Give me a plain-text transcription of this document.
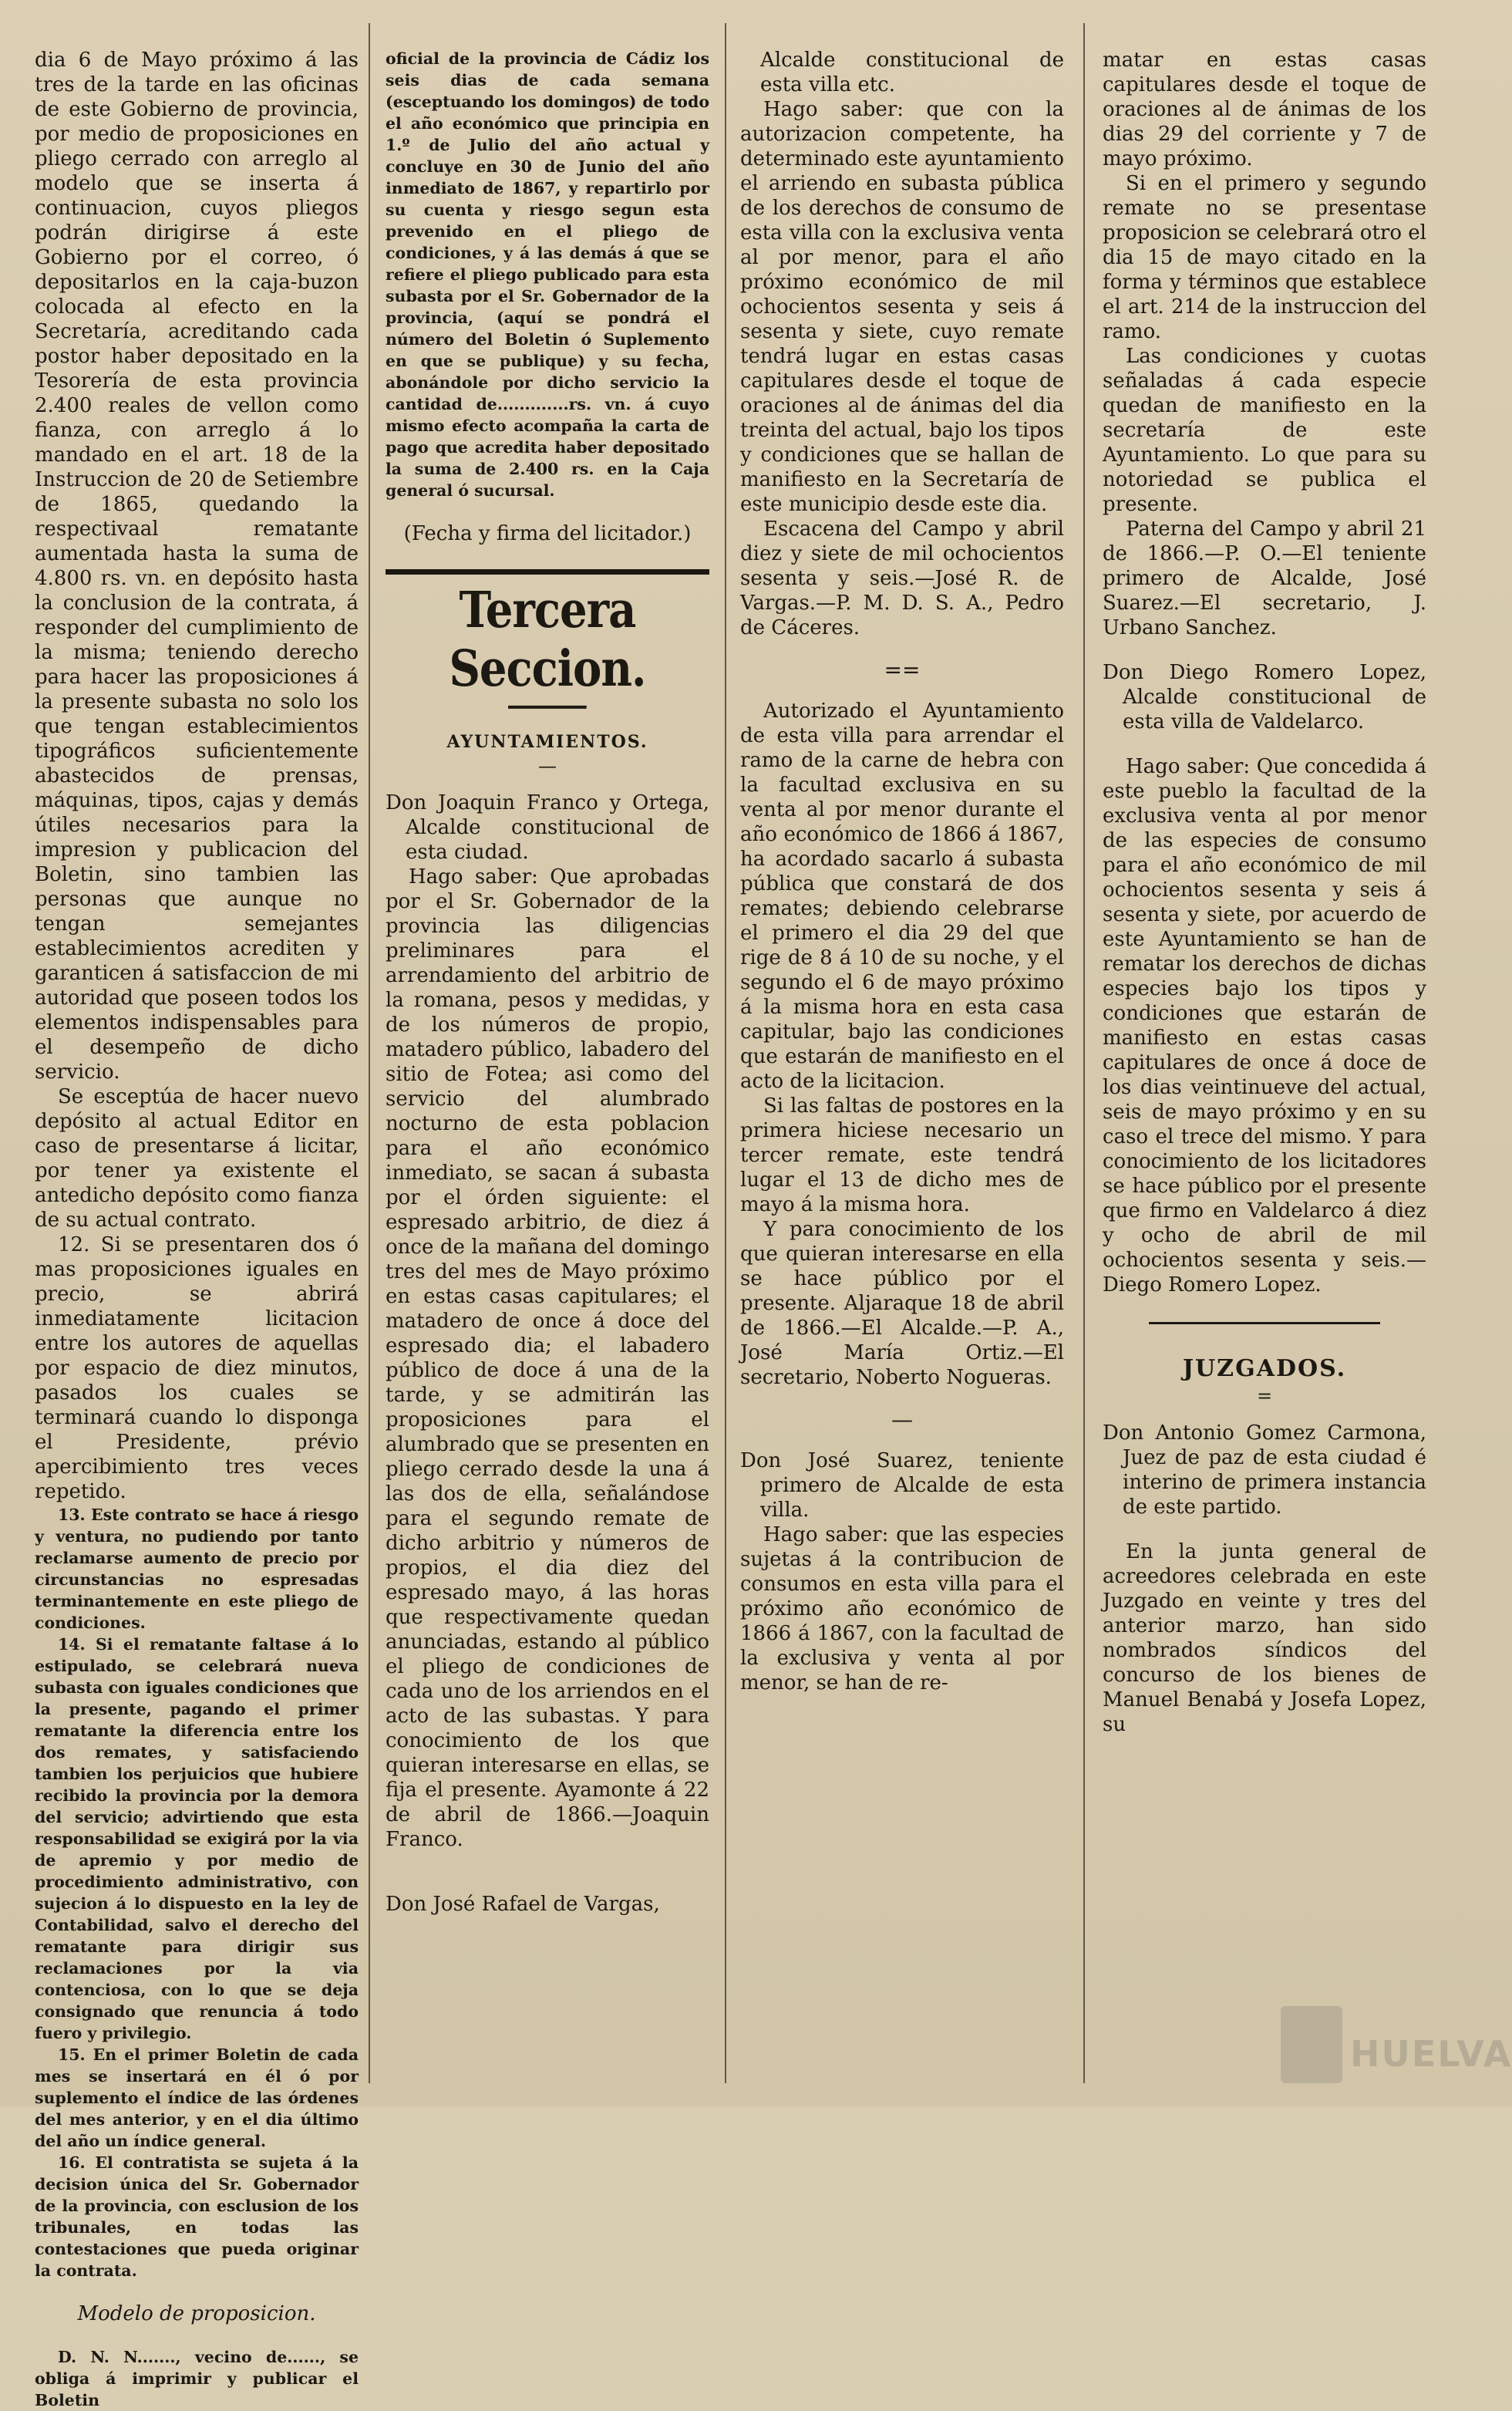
dia 6 de Mayo próximo á las tres de la tarde en las oficinas de este Gobierno de provincia, por medio de proposiciones en pliego cerrado con arreglo al modelo que se inserta á continuacion, cuyos pliegos podrán dirigirse á este Gobierno por el correo, ó depositarlos en la caja-buzon colocada al efecto en la Secretaría, acreditando cada postor haber depositado en la Tesorería de esta provincia 2.400 reales de vellon como fianza, con arreglo á lo mandado en el art. 18 de la Instruccion de 20 de Setiembre de 1865, quedando la respectivaal rematante aumentada hasta la suma de 4.800 rs. vn. en depósito hasta la conclusion de la contrata, á responder del cumplimiento de la misma; teniendo derecho para hacer las proposiciones á la presente subasta no solo los que tengan establecimientos tipográficos suficientemente abastecidos de prensas, máquinas, tipos, cajas y demás útiles necesarios para la impresion y publicacion del Boletin, sino tambien las personas que aunque no tengan semejantes establecimientos acrediten y garanticen á satisfaccion de mi autoridad que poseen todos los elementos indispensables para el desempeño de dicho servicio.

Se esceptúa de hacer nuevo depósito al actual Editor en caso de presentarse á licitar, por tener ya existente el antedicho depósito como fianza de su actual contrato.

12. Si se presentaren dos ó mas proposiciones iguales en precio, se abrirá inmediatamente licitacion entre los autores de aquellas por espacio de diez minutos, pasados los cuales se terminará cuando lo disponga el Presidente, prévio apercibimiento tres veces repetido.

13. Este contrato se hace á riesgo y ventura, no pudiendo por tanto reclamarse aumento de precio por circunstancias no espresadas terminantemente en este pliego de condiciones.

14. Si el rematante faltase á lo estipulado, se celebrará nueva subasta con iguales condiciones que la presente, pagando el primer rematante la diferencia entre los dos remates, y satisfaciendo tambien los perjuicios que hubiere recibido la provincia por la demora del servicio; advirtiendo que esta responsabilidad se exigirá por la via de apremio y por medio de procedimiento administrativo, con sujecion á lo dispuesto en la ley de Contabilidad, salvo el derecho del rematante para dirigir sus reclamaciones por la via contenciosa, con lo que se deja consignado que renuncia á todo fuero y privilegio.

15. En el primer Boletin de cada mes se insertará en él ó por suplemento el índice de las órdenes del mes anterior, y en el dia último del año un índice general.

16. El contratista se sujeta á la decision única del Sr. Gobernador de la provincia, con esclusion de los tribunales, en todas las contestaciones que pueda originar la contrata.

Modelo de proposicion.

D. N. N......., vecino de......, se obliga á imprimir y publicar el Boletin

oficial de la provincia de Cádiz los seis dias de cada semana (esceptuando los domingos) de todo el año económico que principia en 1.º de Julio del año actual y concluye en 30 de Junio del año inmediato de 1867, y repartirlo por su cuenta y riesgo segun esta prevenido en el pliego de condiciones, y á las demás á que se refiere el pliego publicado para esta subasta por el Sr. Gobernador de la provincia, (aquí se pondrá el número del Boletin ó Suplemento en que se publique) y su fecha, abonándole por dicho servicio la cantidad de.............rs. vn. á cuyo mismo efecto acompaña la carta de pago que acredita haber depositado la suma de 2.400 rs. en la Caja general ó sucursal.

(Fecha y firma del licitador.)

Tercera Seccion.
━━━━━━━
AYUNTAMIENTOS.
—

Don Joaquin Franco y Ortega, Alcalde constitucional de esta ciudad.

Hago saber: Que aprobadas por el Sr. Gobernador de la provincia las diligencias preliminares para el arrendamiento del arbitrio de la romana, pesos y medidas, y de los números de propio, matadero público, labadero del sitio de Fotea; asi como del servicio del alumbrado nocturno de esta poblacion para el año económico inmediato, se sacan á subasta por el órden siguiente: el espresado arbitrio, de diez á once de la mañana del domingo tres del mes de Mayo próximo en estas casas capitulares; el matadero de once á doce del espresado dia; el labadero público de doce á una de la tarde, y se admitirán las proposiciones para el alumbrado que se presenten en pliego cerrado desde la una á las dos de ella, señalándose para el segundo remate de dicho arbitrio y números de propios, el dia diez del espresado mayo, á las horas que respectivamente quedan anunciadas, estando al público el pliego de condiciones de cada uno de los arriendos en el acto de las subastas. Y para conocimiento de los que quieran interesarse en ellas, se fija el presente. Ayamonte á 22 de abril de 1866.—Joaquin Franco.

Don José Rafael de Vargas,

Alcalde constitucional de esta villa etc.

Hago saber: que con la autorizacion competente, ha determinado este ayuntamiento el arriendo en subasta pública de los derechos de consumo de esta villa con la exclusiva venta al por menor, para el año próximo económico de mil ochocientos sesenta y seis á sesenta y siete, cuyo remate tendrá lugar en estas casas capitulares desde el toque de oraciones al de ánimas del dia treinta del actual, bajo los tipos y condiciones que se hallan de manifiesto en la Secretaría de este municipio desde este dia.

Escacena del Campo y abril diez y siete de mil ochocientos sesenta y seis.—José R. de Vargas.—P. M. D. S. A., Pedro de Cáceres.

==

Autorizado el Ayuntamiento de esta villa para arrendar el ramo de la carne de hebra con la facultad exclusiva en su venta al por menor durante el año económico de 1866 á 1867, ha acordado sacarlo á subasta pública que constará de dos remates; debiendo celebrarse el primero el dia 29 del que rige de 8 á 10 de su noche, y el segundo el 6 de mayo próximo á la misma hora en esta casa capitular, bajo las condiciones que estarán de manifiesto en el acto de la licitacion.

Si las faltas de postores en la primera hiciese necesario un tercer remate, este tendrá lugar el 13 de dicho mes de mayo á la misma hora.

Y para conocimiento de los que quieran interesarse en ella se hace público por el presente. Aljaraque 18 de abril de 1866.—El Alcalde.—P. A., José María Ortiz.—El secretario, Noberto Nogueras.

—

Don José Suarez, teniente primero de Alcalde de esta villa.

Hago saber: que las especies sujetas á la contribucion de consumos en esta villa para el próximo año económico de 1866 á 1867, con la facultad de la exclusiva y venta al por menor, se han de re-

matar en estas casas capitulares desde el toque de oraciones al de ánimas de los dias 29 del corriente y 7 de mayo próximo.

Si en el primero y segundo remate no se presentase proposicion se celebrará otro el dia 15 de mayo citado en la forma y términos que establece el art. 214 de la instruccion del ramo.

Las condiciones y cuotas señaladas á cada especie quedan de manifiesto en la secretaría de este Ayuntamiento. Lo que para su notoriedad se publica el presente.

Paterna del Campo y abril 21 de 1866.—P. O.—El teniente primero de Alcalde, José Suarez.—El secretario, J. Urbano Sanchez.

Don Diego Romero Lopez, Alcalde constitucional de esta villa de Valdelarco.

Hago saber: Que concedida á este pueblo la facultad de la exclusiva venta al por menor de las especies de consumo para el año económico de mil ochocientos sesenta y seis á sesenta y siete, por acuerdo de este Ayuntamiento se han de rematar los derechos de dichas especies bajo los tipos y condiciones que estarán de manifiesto en estas casas capitulares de once á doce de los dias veintinueve del actual, seis de mayo próximo y en su caso el trece del mismo. Y para conocimiento de los licitadores se hace público por el presente que firmo en Valdelarco á diez y ocho de abril de mil ochocientos sesenta y seis.—Diego Romero Lopez.

JUZGADOS.
=

Don Antonio Gomez Carmona, Juez de paz de esta ciudad é interino de primera instancia de este partido.

En la junta general de acreedores celebrada en este Juzgado en veinte y tres del anterior marzo, han sido nombrados síndicos del concurso de los bienes de Manuel Benabá y Josefa Lopez, su

HUELVA
